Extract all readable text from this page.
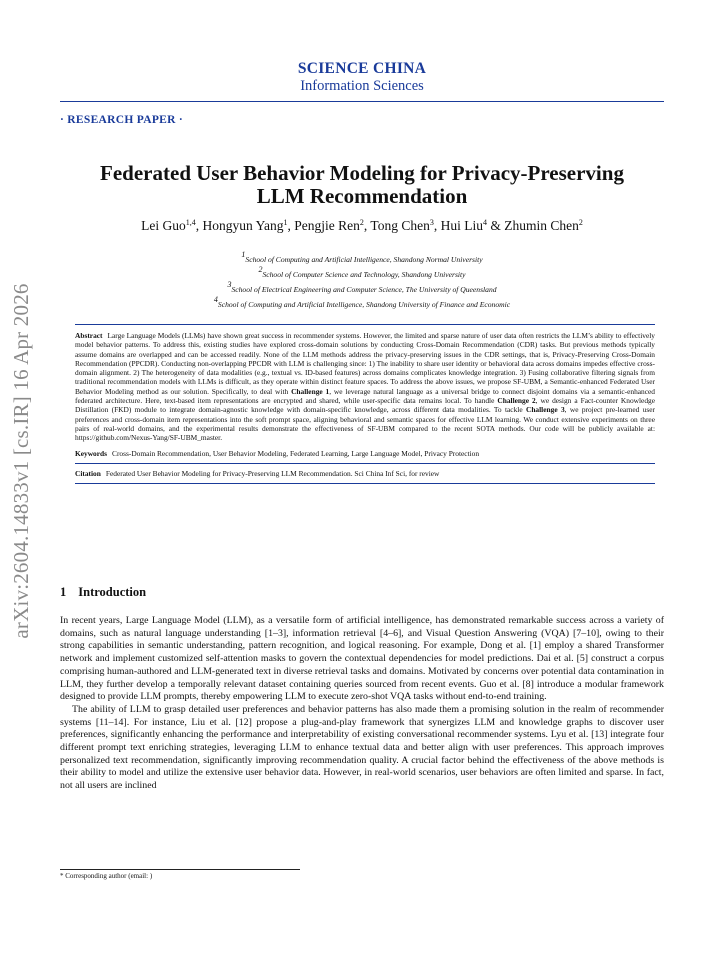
arXiv:2604.14833v1 [cs.IR] 16 Apr 2026
SCIENCE CHINA
Information Sciences
· RESEARCH PAPER ·
Federated User Behavior Modeling for Privacy-Preserving
LLM Recommendation
Lei Guo$^{1,4}$, Hongyun Yang$^1$, Pengjie Ren$^2$, Tong Chen$^3$, Hui Liu$^4$ & Zhumin Chen$^2$
$^1$School of Computing and Artificial Intelligence, Shandong Normal University
$^2$School of Computer Science and Technology, Shandong University
$^3$School of Electrical Engineering and Computer Science, The University of Queensland
$^4$School of Computing and Artificial Intelligence, Shandong University of Finance and Economic
Abstract Large Language Models (LLMs) have shown great success in recommender systems. However, the limited and sparse nature of user data often restricts the LLM’s ability to effectively model behavior patterns. To address this, existing studies have explored cross-domain solutions by conducting Cross-Domain Recommendation (CDR) tasks. But previous methods typically assume domains are overlapped and can be accessed readily. None of the LLM methods address the privacy-preserving issues in the CDR settings, that is, Privacy-Preserving Cross-Domain Recommendation (PPCDR). Conducting non-overlapping PPCDR with LLM is challenging since: 1) The inability to share user identity or behavioral data across domains impedes effective cross-domain alignment. 2) The heterogeneity of data modalities (e.g., textual vs. ID-based features) across domains complicates knowledge integration. 3) Fusing collaborative filtering signals from traditional recommendation models with LLMs is difficult, as they operate within distinct feature spaces. To address the above issues, we propose SF-UBM, a Semantic-enhanced Federated User Behavior Modeling method as our solution. Specifically, to deal with Challenge 1, we leverage natural language as a universal bridge to connect disjoint domains via a semantic-enhanced federated architecture. Here, text-based item representations are encrypted and shared, while user-specific data remains local. To handle Challenge 2, we design a Fact-counter Knowledge Distillation (FKD) module to integrate domain-agnostic knowledge with domain-specific knowledge, across different data modalities. To tackle Challenge 3, we project pre-learned user preferences and cross-domain item representations into the soft prompt space, aligning behavioral and semantic spaces for effective LLM learning. We conduct extensive experiments on three pairs of real-world domains, and the experimental results demonstrate the effectiveness of SF-UBM compared to the recent SOTA methods. Our code will be publicly available at: https://github.com/Nexus-Yang/SF-UBM_master.
Keywords Cross-Domain Recommendation, User Behavior Modeling, Federated Learning, Large Language Model, Privacy Protection
Citation Federated User Behavior Modeling for Privacy-Preserving LLM Recommendation. Sci China Inf Sci, for review
1 Introduction

In recent years, Large Language Model (LLM), as a versatile form of artificial intelligence, has demonstrated remarkable success across a variety of domains, such as natural language understanding [1–3], information retrieval [4–6], and Visual Question Answering (VQA) [7–10], owing to their strong capabilities in semantic understanding, pattern recognition, and logical reasoning. For example, Dong et al. [1] employ a shared Transformer network and implement customized self-attention masks to govern the contextual dependencies for model predictions. Dai et al. [5] construct a corpus comprising human-authored and LLM-generated text in diverse retrieval tasks and domains. Motivated by concerns over potential data contamination in LLM, they further develop a temporally relevant dataset containing queries sourced from recent events. Guo et al. [8] introduce a modular framework designed to provide LLM prompts, thereby empowering LLM to execute zero-shot VQA tasks without end-to-end training.

The ability of LLM to grasp detailed user preferences and behavior patterns has also made them a promising solution in the realm of recommender systems [11–14]. For instance, Liu et al. [12] propose a plug-and-play framework that synergizes LLM and knowledge graphs to discover user preferences, significantly enhancing the performance and interpretability of existing conversational recommender systems. Lyu et al. [13] integrate four different prompt text enriching strategies, leveraging LLM to enhance textual data and better align with user preferences. This approach improves personalized text recommendation, significantly improving recommendation quality. A crucial factor behind the effectiveness of the above methods is their ability to model and utilize the extensive user behavior data. However, in real-world scenarios, user behaviors are often limited and sparse. In fact, not all users are inclined

* Corresponding author (email: )
